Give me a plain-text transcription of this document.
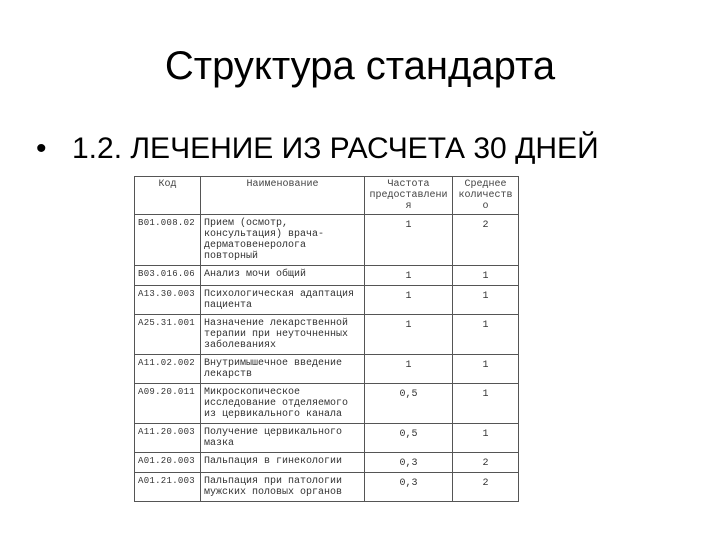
Структура стандарта
• 1.2. ЛЕЧЕНИЕ ИЗ РАСЧЕТА 30 ДНЕЙ
Код	Наименование	Частота предоставления	Среднее количество
B01.008.02	Прием (осмотр, консультация) врача-дерматовенеролога повторный	1	2
B03.016.06	Анализ мочи общий	1	1
A13.30.003	Психологическая адаптация пациента	1	1
A25.31.001	Назначение лекарственной терапии при неуточненных заболеваниях	1	1
A11.02.002	Внутримышечное введение лекарств	1	1
A09.20.011	Микроскопическое исследование отделяемого из цервикального канала	0,5	1
A11.20.003	Получение цервикального мазка	0,5	1
A01.20.003	Пальпация в гинекологии	0,3	2
A01.21.003	Пальпация при патологии мужских половых органов	0,3	2
